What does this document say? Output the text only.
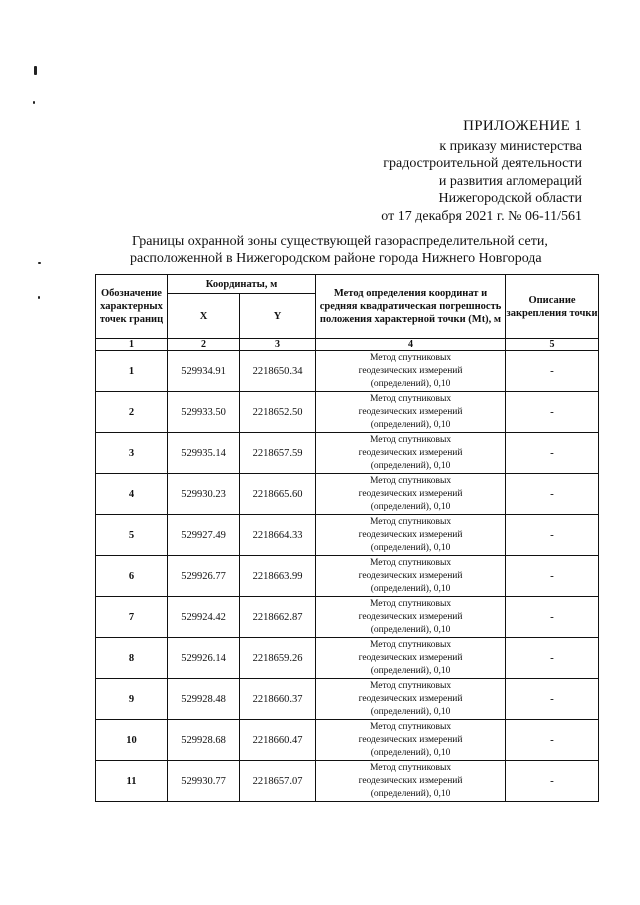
ПРИЛОЖЕНИЕ 1
к приказу министерства
градостроительной деятельности
и развития агломераций
Нижегородской области
от 17 декабря 2021 г. № 06-11/561
Границы охранной зоны существующей газораспределительной сети,
расположенной в Нижегородском районе города Нижнего Новгорода
Обозначение характерных точек границ	Координаты, м		Метод определения координат и средняя квадратическая погрешность положения характерной точки (Mt), м	Описание закрепления точки
	X	Y		
1	2	3	4	5
1	529934.91	2218650.34	Метод спутниковых
геодезических измерений
(определений), 0,10	-
2	529933.50	2218652.50	Метод спутниковых
геодезических измерений
(определений), 0,10	-
3	529935.14	2218657.59	Метод спутниковых
геодезических измерений
(определений), 0,10	-
4	529930.23	2218665.60	Метод спутниковых
геодезических измерений
(определений), 0,10	-
5	529927.49	2218664.33	Метод спутниковых
геодезических измерений
(определений), 0,10	-
6	529926.77	2218663.99	Метод спутниковых
геодезических измерений
(определений), 0,10	-
7	529924.42	2218662.87	Метод спутниковых
геодезических измерений
(определений), 0,10	-
8	529926.14	2218659.26	Метод спутниковых
геодезических измерений
(определений), 0,10	-
9	529928.48	2218660.37	Метод спутниковых
геодезических измерений
(определений), 0,10	-
10	529928.68	2218660.47	Метод спутниковых
геодезических измерений
(определений), 0,10	-
11	529930.77	2218657.07	Метод спутниковых
геодезических измерений
(определений), 0,10	-
